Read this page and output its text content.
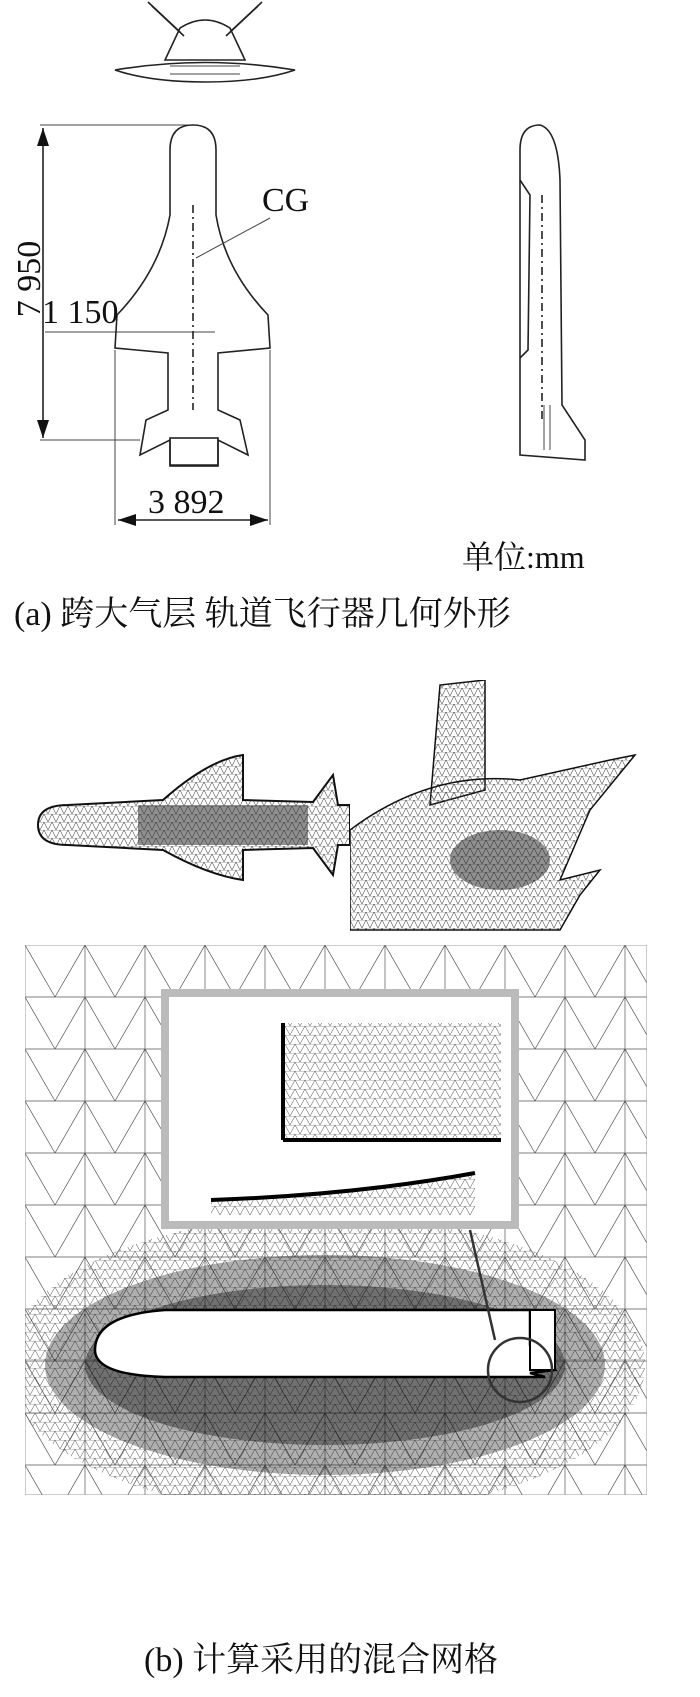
7 950
1 150
3 892
CG
单位:mm
(a) 跨大气层 轨道飞行器几何外形
(b) 计算采用的混合网格
